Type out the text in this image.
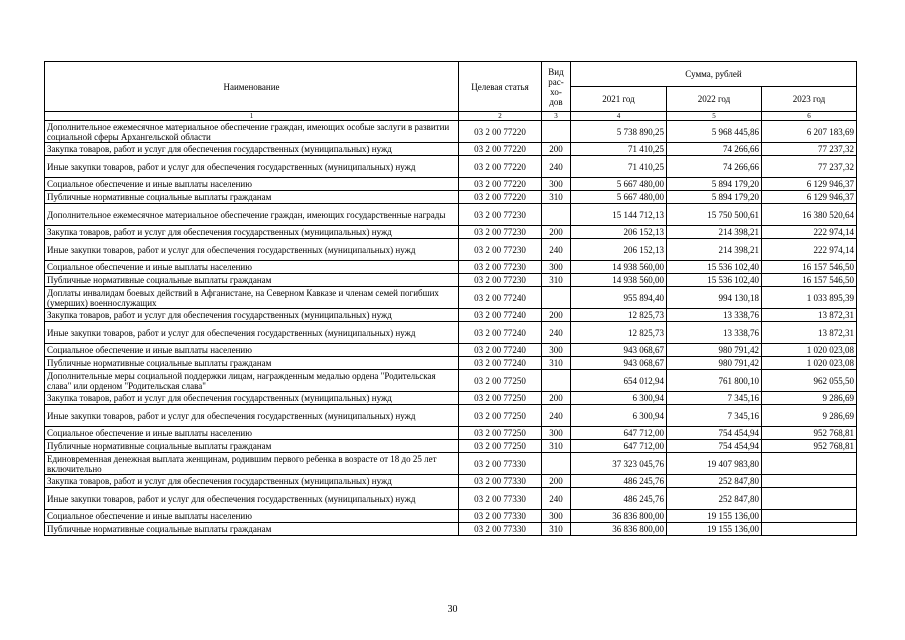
Наименование	Целевая статья	Вид рас- хо- дов	Сумма, рублей		
			2021 год	2022 год	2023 год
1	2	3	4	5	6
Дополнительное ежемесячное материальное обеспечение граждан, имеющих особые заслуги в развитии социальной сферы Архангельской области	03 2 00 77220		5 738 890,25	5 968 445,86	6 207 183,69
Закупка товаров, работ и услуг для обеспечения государственных (муниципальных) нужд	03 2 00 77220	200	71 410,25	74 266,66	77 237,32
Иные закупки товаров, работ и услуг для обеспечения государственных (муниципальных) нужд	03 2 00 77220	240	71 410,25	74 266,66	77 237,32
Социальное обеспечение и иные выплаты населению	03 2 00 77220	300	5 667 480,00	5 894 179,20	6 129 946,37
Публичные нормативные социальные выплаты гражданам	03 2 00 77220	310	5 667 480,00	5 894 179,20	6 129 946,37
Дополнительное ежемесячное материальное обеспечение граждан, имеющих государственные награды	03 2 00 77230		15 144 712,13	15 750 500,61	16 380 520,64
Закупка товаров, работ и услуг для обеспечения государственных (муниципальных) нужд	03 2 00 77230	200	206 152,13	214 398,21	222 974,14
Иные закупки товаров, работ и услуг для обеспечения государственных (муниципальных) нужд	03 2 00 77230	240	206 152,13	214 398,21	222 974,14
Социальное обеспечение и иные выплаты населению	03 2 00 77230	300	14 938 560,00	15 536 102,40	16 157 546,50
Публичные нормативные социальные выплаты гражданам	03 2 00 77230	310	14 938 560,00	15 536 102,40	16 157 546,50
Доплаты инвалидам боевых действий в Афганистане, на Северном Кавказе и членам семей погибших (умерших) военнослужащих	03 2 00 77240		955 894,40	994 130,18	1 033 895,39
Закупка товаров, работ и услуг для обеспечения государственных (муниципальных) нужд	03 2 00 77240	200	12 825,73	13 338,76	13 872,31
Иные закупки товаров, работ и услуг для обеспечения государственных (муниципальных) нужд	03 2 00 77240	240	12 825,73	13 338,76	13 872,31
Социальное обеспечение и иные выплаты населению	03 2 00 77240	300	943 068,67	980 791,42	1 020 023,08
Публичные нормативные социальные выплаты гражданам	03 2 00 77240	310	943 068,67	980 791,42	1 020 023,08
Дополнительные меры социальной поддержки лицам, награжденным медалью ордена "Родительская слава" или орденом "Родительская слава"	03 2 00 77250		654 012,94	761 800,10	962 055,50
Закупка товаров, работ и услуг для обеспечения государственных (муниципальных) нужд	03 2 00 77250	200	6 300,94	7 345,16	9 286,69
Иные закупки товаров, работ и услуг для обеспечения государственных (муниципальных) нужд	03 2 00 77250	240	6 300,94	7 345,16	9 286,69
Социальное обеспечение и иные выплаты населению	03 2 00 77250	300	647 712,00	754 454,94	952 768,81
Публичные нормативные социальные выплаты гражданам	03 2 00 77250	310	647 712,00	754 454,94	952 768,81
Единовременная денежная выплата женщинам, родившим первого ребенка в возрасте от 18 до 25 лет включительно	03 2 00 77330		37 323 045,76	19 407 983,80	
Закупка товаров, работ и услуг для обеспечения государственных (муниципальных) нужд	03 2 00 77330	200	486 245,76	252 847,80	
Иные закупки товаров, работ и услуг для обеспечения государственных (муниципальных) нужд	03 2 00 77330	240	486 245,76	252 847,80	
Социальное обеспечение и иные выплаты населению	03 2 00 77330	300	36 836 800,00	19 155 136,00	
Публичные нормативные социальные выплаты гражданам	03 2 00 77330	310	36 836 800,00	19 155 136,00	
30
